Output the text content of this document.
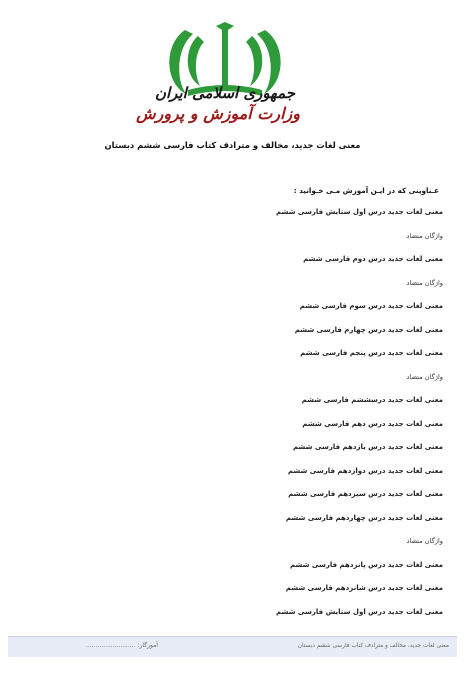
جمهوری اسلامی ایران
وزارت آموزش و پرورش
معنی لغات جدید، مخالف و مترادف کتاب فارسی ششم دبستان
عـناوینی که در ایـن آموزش مـی خـوانید :
معنی لغات جدید درس اول ستایش فارسی ششم
واژگان متضاد
معنی لغات جدید درس دوم فارسی ششم
واژگان متضاد
معنی لغات جدید درس سوم فارسی ششم
معنی لغات جدید درس چهارم فارسی ششم
معنی لغات جدید درس پنجم فارسی ششم
واژگان متضاد
معنی لغات جدید درسششم فارسی ششم
معنی لغات جدید درس دهم فارسی ششم
معنی لغات جدید درس یازدهم فارسی ششم
معنی لغات جدید درس دوازدهم فارسی ششم
معنی لغات جدید درس سیزدهم فارسی ششم
معنی لغات جدید درس چهاردهم فارسی ششم
واژگان متضاد
معنی لغات جدید درس پانزدهم فارسی ششم
معنی لغات جدید درس شانزدهم فارسی ششم
معنی لغات جدید درس اول ستایش فارسی ششم
معنی لغات جدید، مخالف و مترادف کتاب فارسی ششم دبستان
آموزگار: ..........................
